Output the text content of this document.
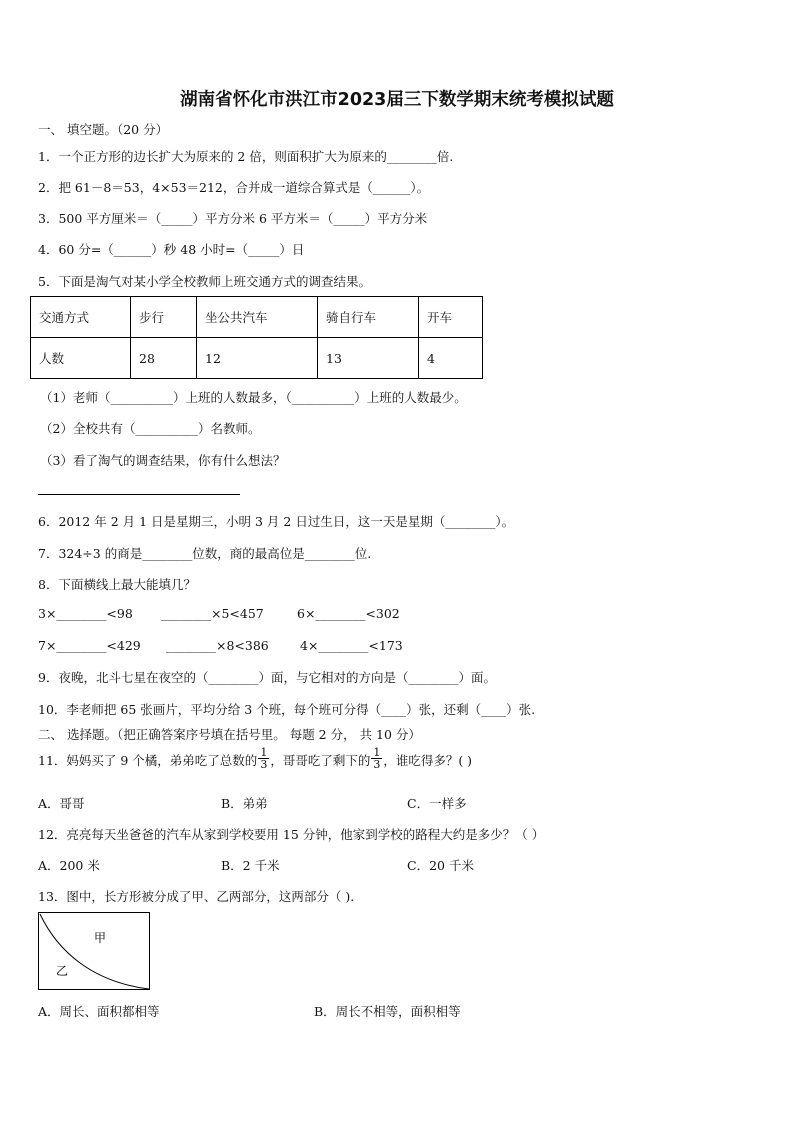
湖南省怀化市洪江市2023届三下数学期末统考模拟试题
一、 填空题。（20 分）
1．一个正方形的边长扩大为原来的 2 倍，则面积扩大为原来的________倍.
2．把 61－8＝53，4×53＝212，合并成一道综合算式是（______）。
3．500 平方厘米＝（_____）平方分米 6 平方米＝（_____）平方分米
4．60 分=（______）秒 48 小时=（_____）日
5．下面是淘气对某小学全校教师上班交通方式的调查结果。
交通方式	步行	坐公共汽车	骑自行车	开车
人数	28	12	13	4
（1）老师（__________）上班的人数最多，（__________）上班的人数最少。
（2）全校共有（__________）名教师。
（3）看了淘气的调查结果，你有什么想法？
6．2012 年 2 月 1 日是星期三，小明 3 月 2 日过生日，这一天是星期（________）。
7．324÷3 的商是________位数，商的最高位是________位.
8．下面横线上最大能填几？
3×________<98 ________×5<457	6×________<302
7×________<429 ________×8<386 4×________<173
9．夜晚，北斗七星在夜空的（________）面，与它相对的方向是（________）面。
10．李老师把 65 张画片，平均分给 3 个班，每个班可分得（____）张，还剩（____）张.
二、 选择题。（把正确答案序号填在括号里。 每题 2 分， 共 10 分）
11．妈妈买了 9 个橘，弟弟吃了总数的 $\frac{1}{3}$ ，哥哥吃了剩下的 $\frac{1}{3}$ ，谁吃得多？( )
A．哥哥	B．弟弟	C．一样多
12．亮亮每天坐爸爸的汽车从家到学校要用 15 分钟，他家到学校的路程大约是多少？（ ）
A．200 米	B．2 千米	C．20 千米
13．图中，长方形被分成了甲、乙两部分，这两部分（ ).
甲
乙
A．周长、面积都相等	B．周长不相等，面积相等
